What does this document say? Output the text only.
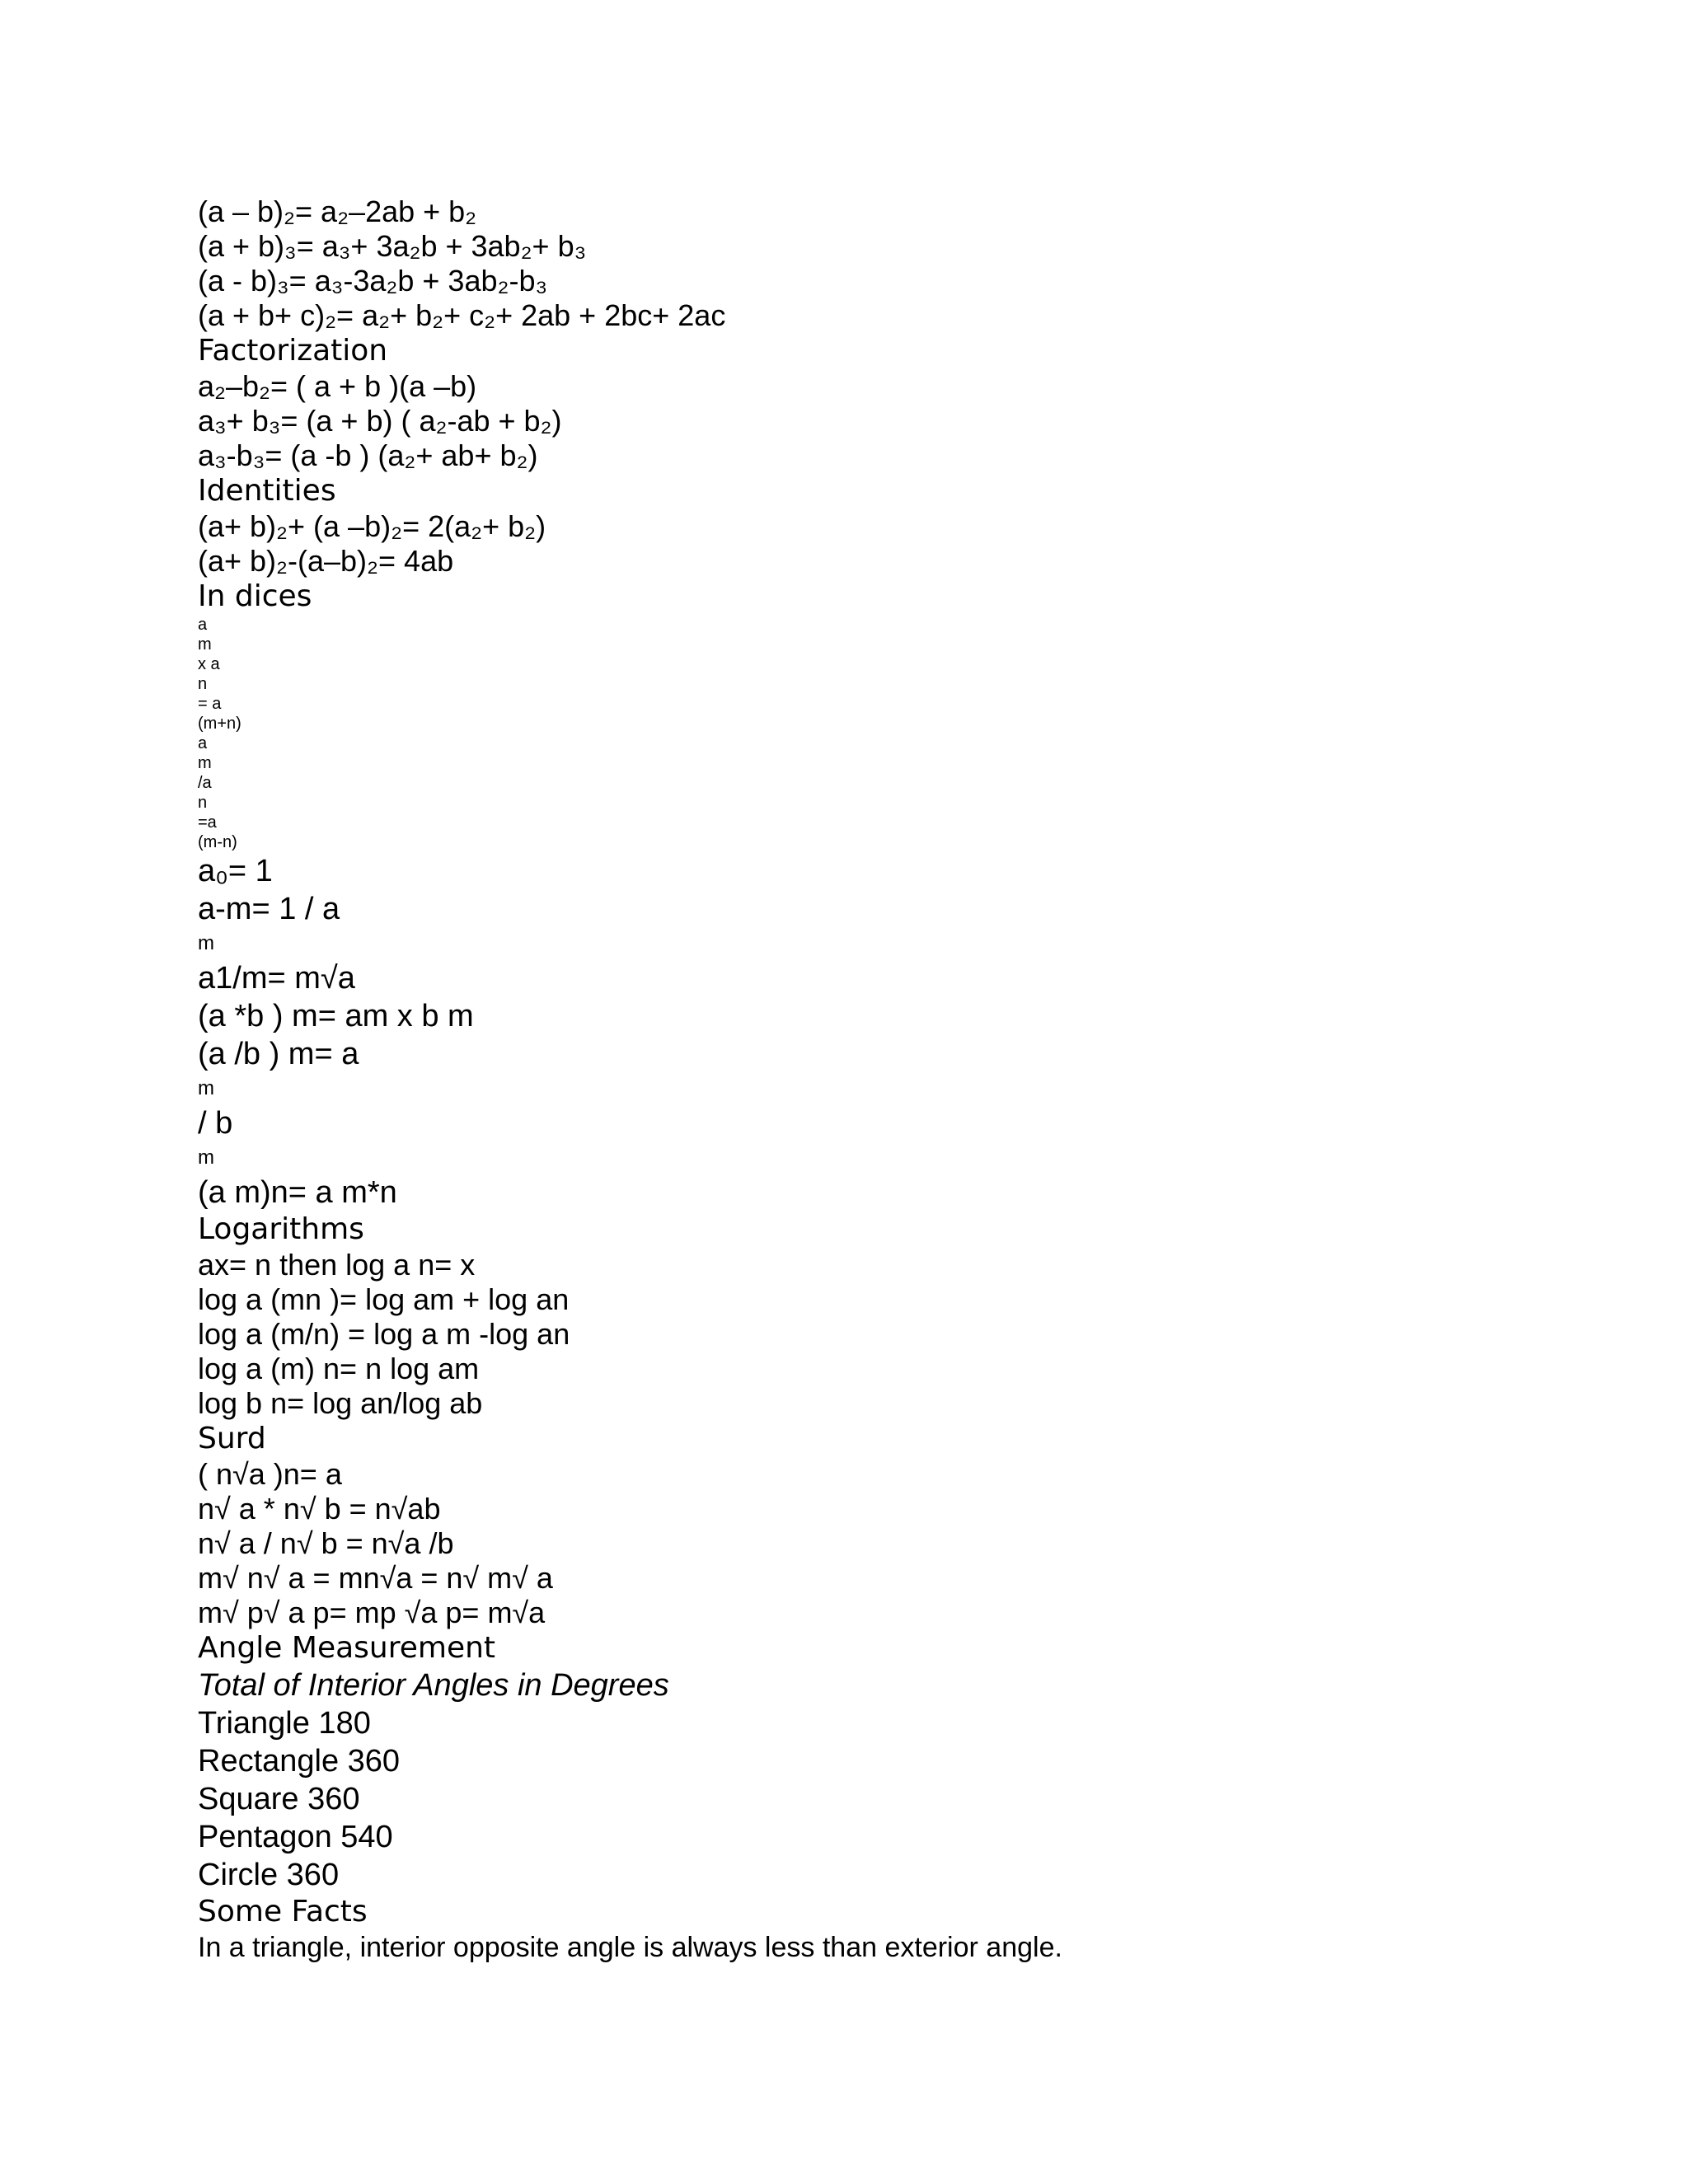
(a – b)₂= a₂–2ab + b₂
(a + b)₃= a₃+ 3a₂b + 3ab₂+ b₃
(a - b)₃= a₃-3a₂b + 3ab₂-b₃
(a + b+ c)₂= a₂+ b₂+ c₂+ 2ab + 2bc+ 2ac
Factorization
a₂–b₂= ( a + b )(a –b)
a₃+ b₃= (a + b) ( a₂-ab + b₂)
a₃-b₃= (a -b ) (a₂+ ab+ b₂)
Identities
(a+ b)₂+ (a –b)₂= 2(a₂+ b₂)
(a+ b)₂-(a–b)₂= 4ab
In dices
a
m
x a
n
= a
(m+n)
a
m
/a
n
=a
(m-n)
a₀= 1
a-m= 1 / a
m
a1/m= m√a
(a *b ) m= am x b m
(a /b ) m= a
m
/ b
m
(a m)n= a m*n
Logarithms
ax= n then log a n= x
log a (mn )= log am + log an
log a (m/n) = log a m -log an
log a (m) n= n log am
log b n= log an/log ab
Surd
( n√a )n= a
n√ a * n√ b = n√ab
n√ a / n√ b = n√a /b
m√ n√ a = mn√a = n√ m√ a
m√ p√ a p= mp √a p= m√a
Angle Measurement
Total of Interior Angles in Degrees
Triangle 180
Rectangle 360
Square 360
Pentagon 540
Circle 360
Some Facts
In a triangle, interior opposite angle is always less than exterior angle.
